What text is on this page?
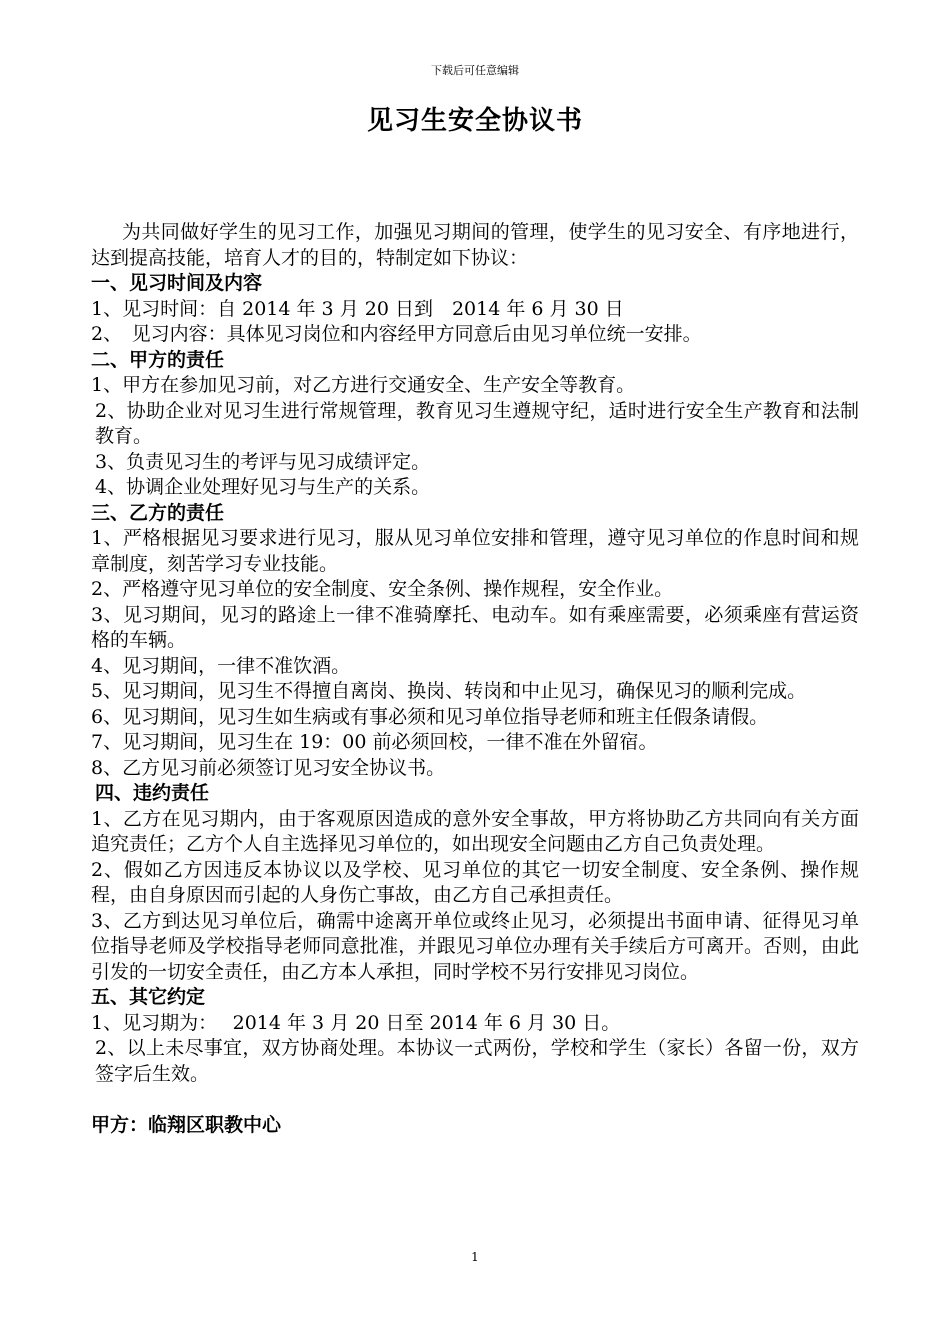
下载后可任意编辑
见习生安全协议书

为共同做好学生的见习工作，加强见习期间的管理，使学生的见习安全、有序地进行，达到提高技能，培育人才的目的，特制定如下协议：

一、见习时间及内容

1、见习时间：自 2014 年 3 月 20 日到　2014 年 6 月 30 日

2、　见习内容：具体见习岗位和内容经甲方同意后由见习单位统一安排。

二、甲方的责任

1、甲方在参加见习前，对乙方进行交通安全、生产安全等教育。

2、协助企业对见习生进行常规管理，教育见习生遵规守纪，适时进行安全生产教育和法制教育。

3、负责见习生的考评与见习成绩评定。

4、协调企业处理好见习与生产的关系。

三、乙方的责任

1、严格根据见习要求进行见习，服从见习单位安排和管理，遵守见习单位的作息时间和规章制度，刻苦学习专业技能。

2、严格遵守见习单位的安全制度、安全条例、操作规程，安全作业。

3、见习期间，见习的路途上一律不准骑摩托、电动车。如有乘座需要，必须乘座有营运资格的车辆。

4、见习期间，一律不准饮酒。

5、见习期间，见习生不得擅自离岗、换岗、转岗和中止见习，确保见习的顺利完成。

6、见习期间，见习生如生病或有事必须和见习单位指导老师和班主任假条请假。

7、见习期间，见习生在 19：00 前必须回校，一律不准在外留宿。

8、乙方见习前必须签订见习安全协议书。

四、违约责任

1、乙方在见习期内，由于客观原因造成的意外安全事故，甲方将协助乙方共同向有关方面追究责任；乙方个人自主选择见习单位的，如出现安全问题由乙方自己负责处理。

2、假如乙方因违反本协议以及学校、见习单位的其它一切安全制度、安全条例、操作规程，由自身原因而引起的人身伤亡事故，由乙方自己承担责任。

3、乙方到达见习单位后，确需中途离开单位或终止见习，必须提出书面申请、征得见习单位指导老师及学校指导老师同意批准，并跟见习单位办理有关手续后方可离开。否则，由此引发的一切安全责任，由乙方本人承担，同时学校不另行安排见习岗位。

五、其它约定

1、见习期为：　 2014 年 3 月 20 日至 2014 年 6 月 30 日。

2、以上未尽事宜，双方协商处理。本协议一式两份，学校和学生（家长）各留一份，双方签字后生效。

甲方：临翔区职教中心

1
